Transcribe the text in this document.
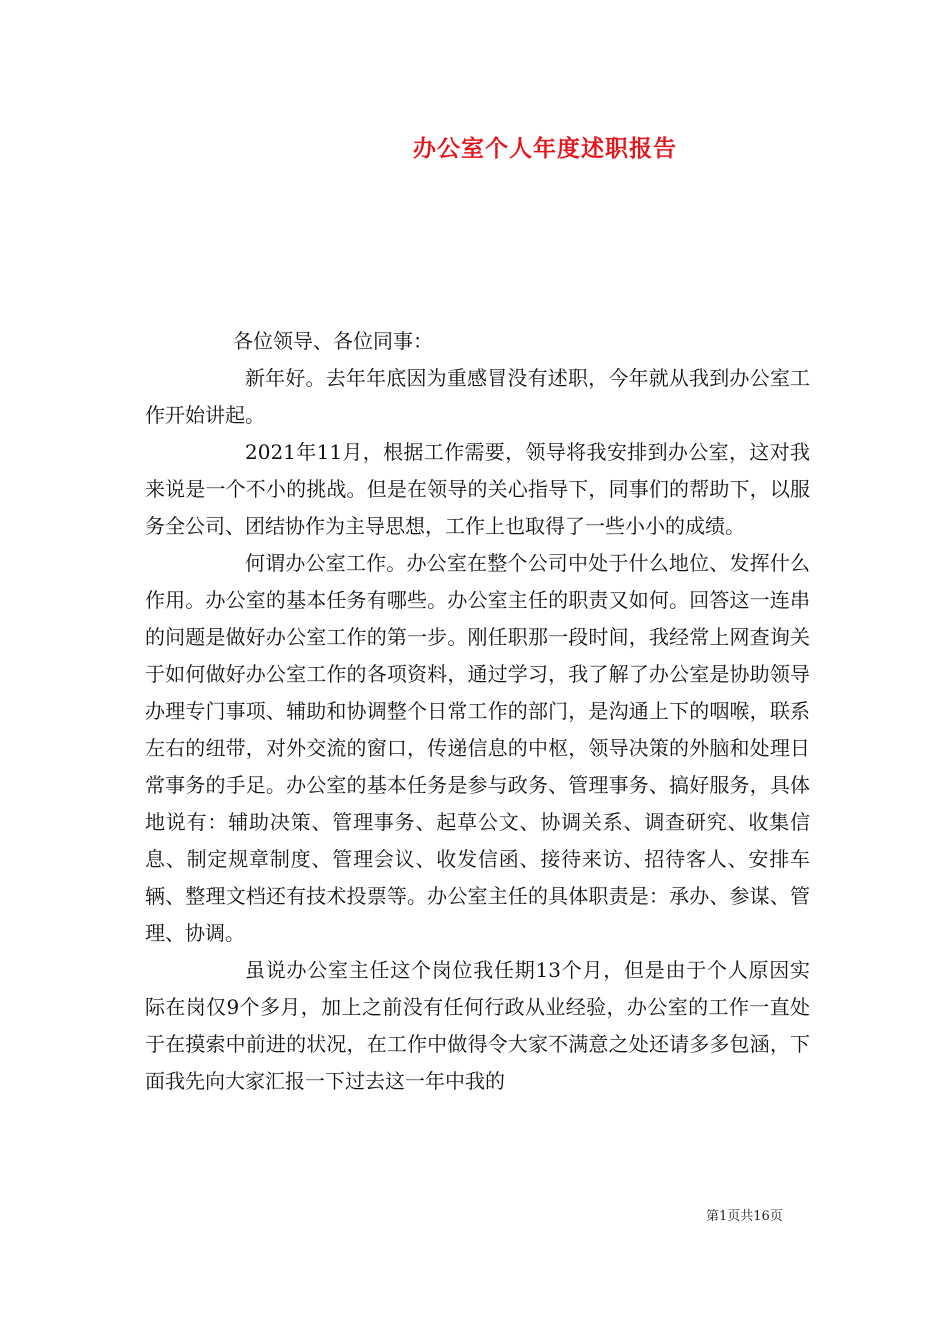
办公室个人年度述职报告

各位领导、各位同事：

新年好。去年年底因为重感冒没有述职，今年就从我到办公室工作开始讲起。

2021年11月，根据工作需要，领导将我安排到办公室，这对我来说是一个不小的挑战。但是在领导的关心指导下，同事们的帮助下，以服务全公司、团结协作为主导思想，工作上也取得了一些小小的成绩。

何谓办公室工作。办公室在整个公司中处于什么地位、发挥什么作用。办公室的基本任务有哪些。办公室主任的职责又如何。回答这一连串的问题是做好办公室工作的第一步。刚任职那一段时间，我经常上网查询关于如何做好办公室工作的各项资料，通过学习，我了解了办公室是协助领导办理专门事项、辅助和协调整个日常工作的部门，是沟通上下的咽喉，联系左右的纽带，对外交流的窗口，传递信息的中枢，领导决策的外脑和处理日常事务的手足。办公室的基本任务是参与政务、管理事务、搞好服务，具体地说有：辅助决策、管理事务、起草公文、协调关系、调查研究、收集信息、制定规章制度、管理会议、收发信函、接待来访、招待客人、安排车辆、整理文档还有技术投票等。办公室主任的具体职责是：承办、参谋、管理、协调。

虽说办公室主任这个岗位我任期13个月，但是由于个人原因实际在岗仅9个多月，加上之前没有任何行政从业经验，办公室的工作一直处于在摸索中前进的状况，在工作中做得令大家不满意之处还请多多包涵，下面我先向大家汇报一下过去这一年中我的

第1页共16页
